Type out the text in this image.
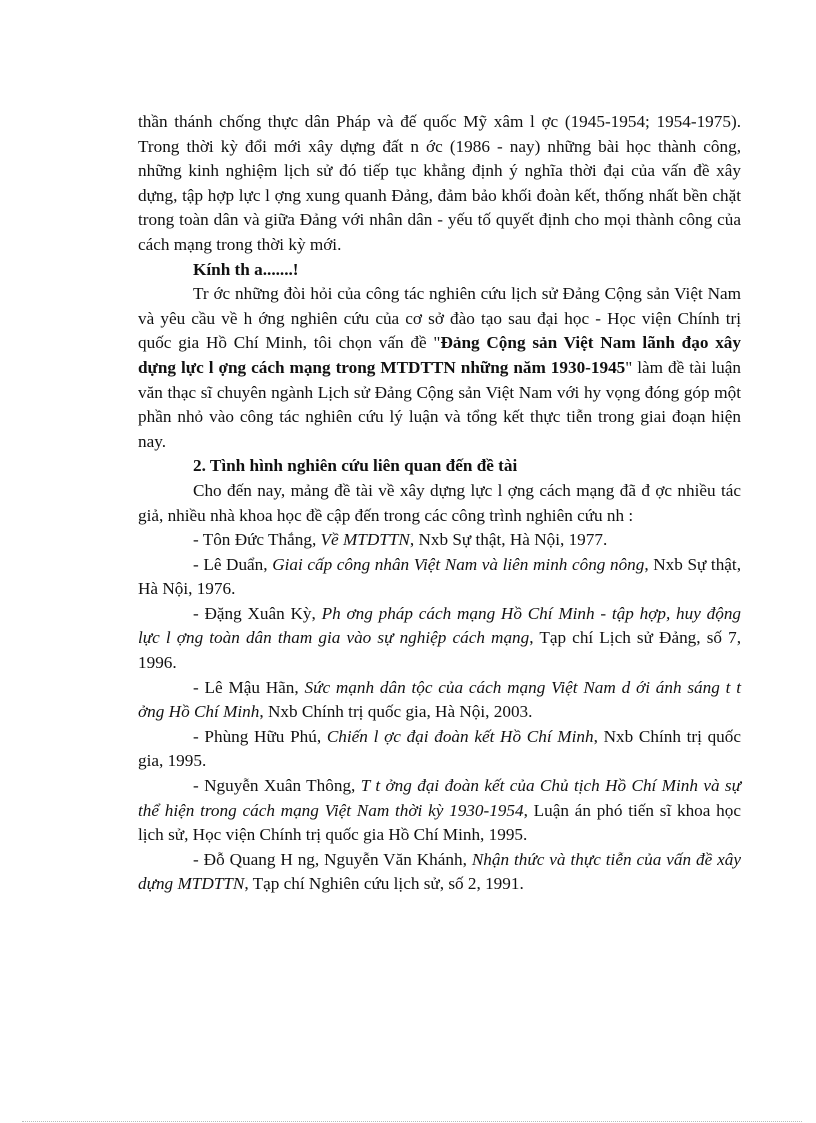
thần thánh chống thực dân Pháp và đế quốc Mỹ xâm l ợc (1945-1954; 1954-1975). Trong thời kỳ đổi mới xây dựng đất n ớc (1986 - nay) những bài học thành công, những kinh nghiệm lịch sử đó tiếp tục khẳng định ý nghĩa thời đại của vấn đề xây dựng, tập hợp lực l ợng xung quanh Đảng, đảm bảo khối đoàn kết, thống nhất bền chặt trong toàn dân và giữa Đảng với nhân dân - yếu tố quyết định cho mọi thành công của cách mạng trong thời kỳ mới.

Kính th a.......!

Tr ớc những đòi hỏi của công tác nghiên cứu lịch sử Đảng Cộng sản Việt Nam và yêu cầu về h ớng nghiên cứu của cơ sở đào tạo sau đại học - Học viện Chính trị quốc gia Hồ Chí Minh, tôi chọn vấn đề "Đảng Cộng sản Việt Nam lãnh đạo xây dựng lực l ợng cách mạng trong MTDTTN những năm 1930-1945" làm đề tài luận văn thạc sĩ chuyên ngành Lịch sử Đảng Cộng sản Việt Nam với hy vọng đóng góp một phần nhỏ vào công tác nghiên cứu lý luận và tổng kết thực tiễn trong giai đoạn hiện nay.

2. Tình hình nghiên cứu liên quan đến đề tài

Cho đến nay, mảng đề tài về xây dựng lực l ợng cách mạng đã đ ợc nhiều tác giả, nhiều nhà khoa học đề cập đến trong các công trình nghiên cứu nh :

- Tôn Đức Thắng, Về MTDTTN, Nxb Sự thật, Hà Nội, 1977.

- Lê Duẩn, Giai cấp công nhân Việt Nam và liên minh công nông, Nxb Sự thật, Hà Nội, 1976.

- Đặng Xuân Kỳ, Ph ơng pháp cách mạng Hồ Chí Minh - tập hợp, huy động lực l ợng toàn dân tham gia vào sự nghiệp cách mạng, Tạp chí Lịch sử Đảng, số 7, 1996.

- Lê Mậu Hãn, Sức mạnh dân tộc của cách mạng Việt Nam d ới ánh sáng t t ởng Hồ Chí Minh, Nxb Chính trị quốc gia, Hà Nội, 2003.

- Phùng Hữu Phú, Chiến l ợc đại đoàn kết Hồ Chí Minh, Nxb Chính trị quốc gia, 1995.

- Nguyễn Xuân Thông, T t ởng đại đoàn kết của Chủ tịch Hồ Chí Minh và sự thể hiện trong cách mạng Việt Nam thời kỳ 1930-1954, Luận án phó tiến sĩ khoa học lịch sử, Học viện Chính trị quốc gia Hồ Chí Minh, 1995.

- Đỗ Quang H ng, Nguyễn Văn Khánh, Nhận thức và thực tiễn của vấn đề xây dựng MTDTTN, Tạp chí Nghiên cứu lịch sử, số 2, 1991.
